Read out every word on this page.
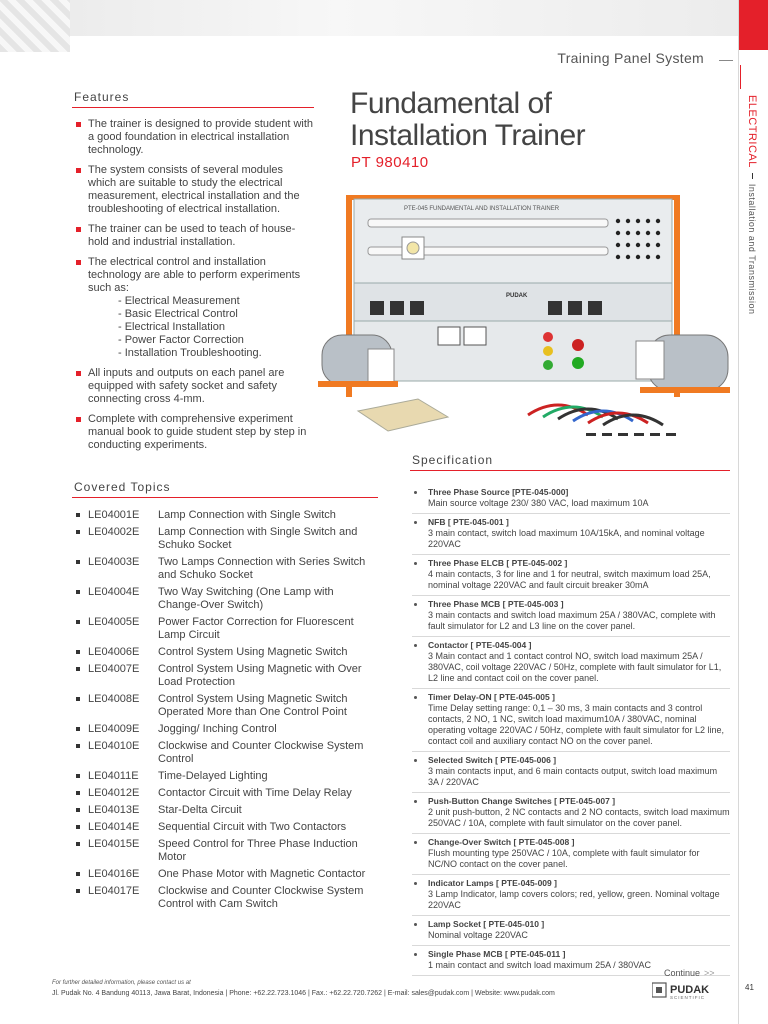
Training Panel System
ELECTRICAL  Installation and Transmission
Fundamental of
Installation Trainer
PT 980410
Features
The trainer is designed to provide student with a good foundation in electrical installation technology.
The system consists of several modules which are suitable to study the electrical measurement, electrical installation and the troubleshooting of electrical installation.
The trainer can be used to teach of house-hold and industrial installation.
The electrical control and installation technology are able to perform experiments such as:
- Electrical Measurement
- Basic Electrical Control
- Electrical Installation
- Power Factor Correction
- Installation Troubleshooting.
All inputs and outputs on each panel are equipped with safety socket and safety connecting cross 4-mm.
Complete with comprehensive experiment manual book to guide student step by step in conducting experiments.
Covered Topics
LE04001E	Lamp Connection with Single Switch
LE04002E	Lamp Connection with Single Switch and Schuko Socket
LE04003E	Two Lamps Connection with Series Switch and Schuko Socket
LE04004E	Two Way Switching (One Lamp with Change-Over Switch)
LE04005E	Power Factor Correction for Fluorescent Lamp Circuit
LE04006E	Control System Using Magnetic Switch
LE04007E	Control System Using Magnetic with Over Load Protection
LE04008E	Control System Using Magnetic Switch Operated More than One Control Point
LE04009E	Jogging/ Inching Control
LE04010E	Clockwise and Counter Clockwise System Control
LE04011E	Time-Delayed Lighting
LE04012E	Contactor Circuit with Time Delay Relay
LE04013E	Star-Delta Circuit
LE04014E	Sequential Circuit with Two Contactors
LE04015E	Speed Control for Three Phase Induction Motor
LE04016E	One Phase Motor with Magnetic Contactor
LE04017E	Clockwise and Counter Clockwise System Control with Cam Switch
Specification
Three Phase Source [PTE-045-000]
Main source voltage 230/ 380 VAC, load maximum 10A
NFB [ PTE-045-001 ]
3 main contact, switch load maximum 10A/15kA, and nominal voltage 220VAC
Three Phase ELCB [ PTE-045-002 ]
4 main contacts, 3 for line and 1 for neutral, switch maximum load 25A, nominal voltage 220VAC and fault circuit breaker 30mA
Three Phase MCB [ PTE-045-003 ]
3 main contacts and switch load maximum 25A / 380VAC, complete with fault simulator for L2 and L3 line on the cover panel.
Contactor [ PTE-045-004 ]
3 Main contact and 1 contact control NO, switch load maximum 25A / 380VAC, coil voltage 220VAC / 50Hz, complete with fault simulator for L1, L2 line and contact coil on the cover panel.
Timer Delay-ON [ PTE-045-005 ]
Time Delay setting range: 0,1 – 30 ms, 3 main contacts and 3 control contacts, 2 NO, 1 NC, switch load maximum10A / 380VAC, nominal operating voltage 220VAC / 50Hz, complete with fault simulator for L2 line, contact coil and auxiliary contact NO on the cover panel.
Selected Switch [ PTE-045-006 ]
3 main contacts input, and 6 main contacts output, switch load maximum 3A / 220VAC
Push-Button Change Switches [ PTE-045-007 ]
2 unit push-button, 2 NC contacts and 2 NO contacts, switch load maximum 250VAC / 10A, complete with fault simulator on the cover panel.
Change-Over Switch [ PTE-045-008 ]
Flush mounting type 250VAC / 10A, complete with fault simulator for NC/NO contact on the cover panel.
Indicator Lamps [ PTE-045-009 ]
3 Lamp Indicator, lamp covers colors; red, yellow, green. Nominal voltage 220VAC
Lamp Socket [ PTE-045-010 ]
Nominal voltage 220VAC
Single Phase MCB [ PTE-045-011 ]
1 main contact and switch load maximum 25A / 380VAC
PTE-045 FUNDAMENTAL AND INSTALLATION TRAINER
PUDAK
For further detailed information, please contact us at
Jl. Pudak No. 4 Bandung 40113, Jawa Barat, Indonesia | Phone: +62.22.723.1046 | Fax.: +62.22.720.7262 | E-mail: sales@pudak.com | Website: www.pudak.com
Continue >>
PUDAK
SCIENTIFIC
41
